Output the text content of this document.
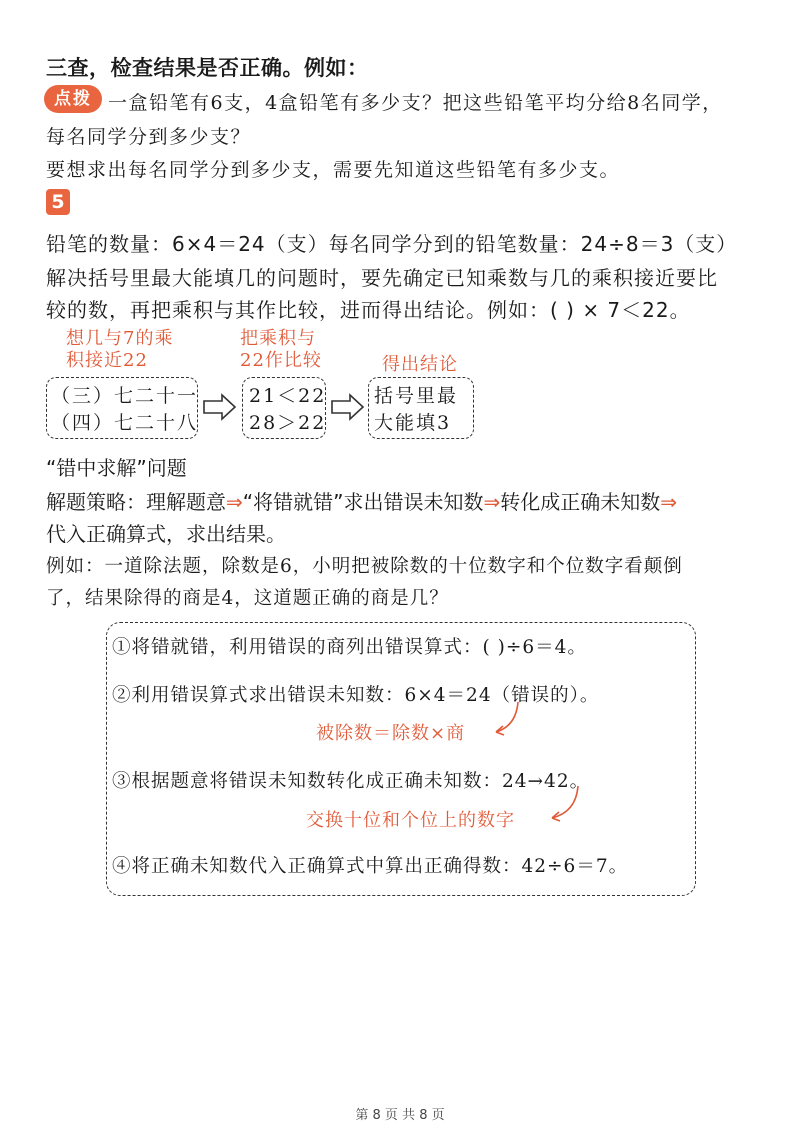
三查，检查结果是否正确。例如：
点拨 一盒铅笔有6支，4盒铅笔有多少支？把这些铅笔平均分给8名同学，
每名同学分到多少支？
要想求出每名同学分到多少支，需要先知道这些铅笔有多少支。
5
铅笔的数量：6×4＝24（支）每名同学分到的铅笔数量：24÷8＝3（支）
解决括号里最大能填几的问题时，要先确定已知乘数与几的乘积接近要比
较的数，再把乘积与其作比较，进而得出结论。例如：( ) × 7＜22。
想几与7的乘
积接近22
把乘积与
22作比较	得出结论
（三）七二十一
（四）七二十八
21＜22
28＞22
括号里最
大能填3
“错中求解”问题
解题策略：理解题意⇒“将错就错”求出错误未知数⇒转化成正确未知数⇒
代入正确算式，求出结果。
例如：一道除法题，除数是6，小明把被除数的十位数字和个位数字看颠倒
了，结果除得的商是4，这道题正确的商是几？
①将错就错，利用错误的商列出错误算式：( )÷6＝4。
②利用错误算式求出错误未知数：6×4＝24（错误的）。
被除数＝除数×商
③根据题意将错误未知数转化成正确未知数：24→42。
交换十位和个位上的数字
④将正确未知数代入正确算式中算出正确得数：42÷6＝7。
第 8 页 共 8 页
